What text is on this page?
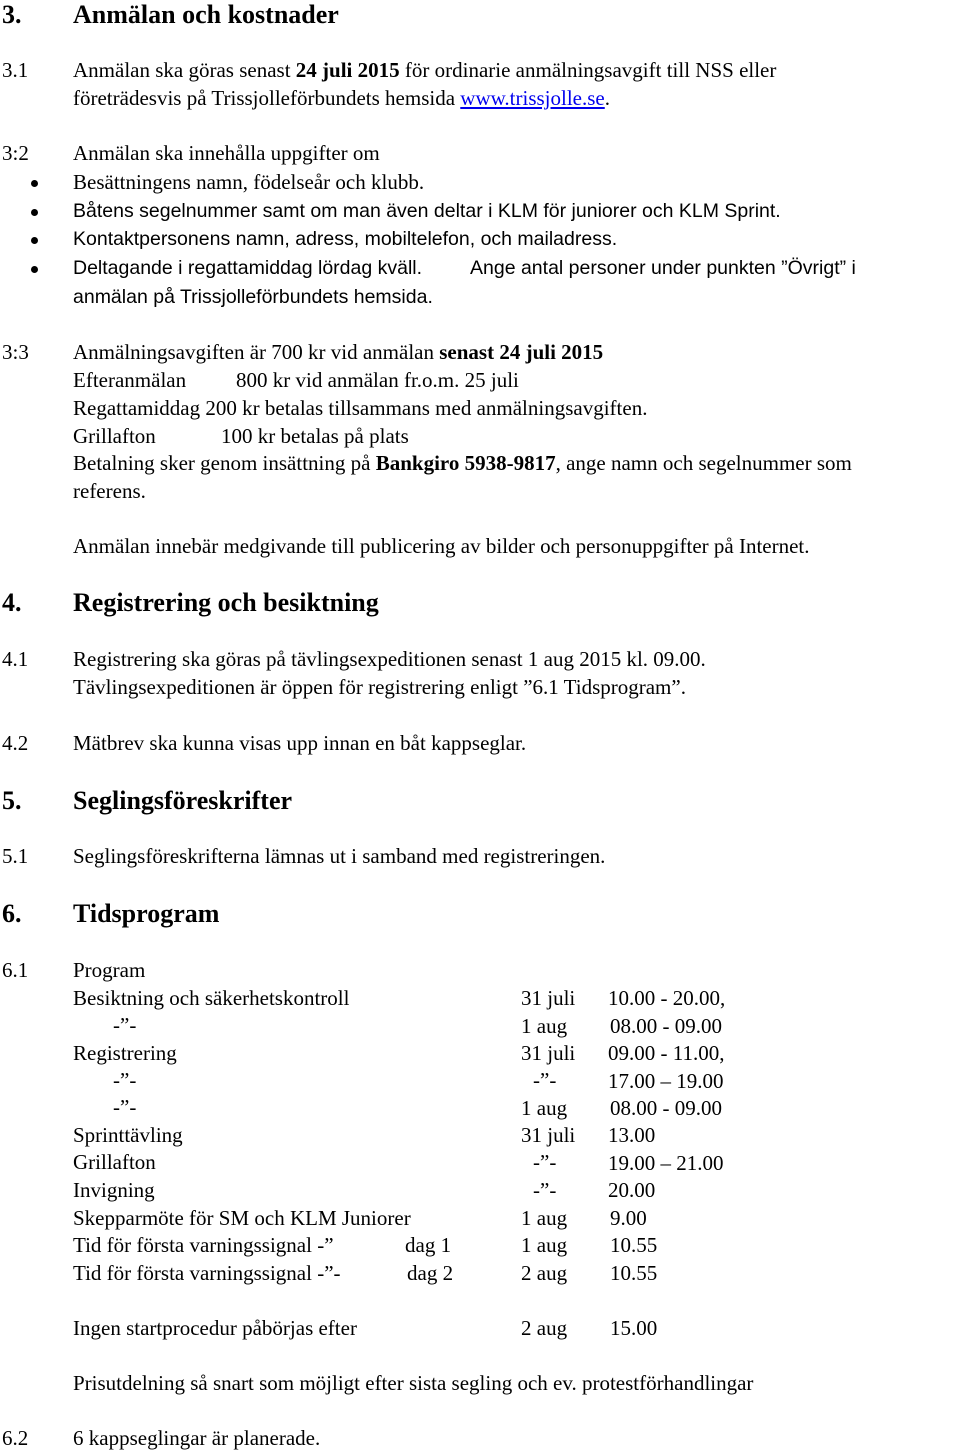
3. Anmälan och kostnader
3.1 Anmälan ska göras senast 24 juli 2015 för ordinarie anmälningsavgift till NSS eller
företrädesvis på Trissjolleförbundets hemsida www.trissjolle.se.
3:2 Anmälan ska innehålla uppgifter om
Besättningens namn, födelseår och klubb.
Båtens segelnummer samt om man även deltar i KLM för juniorer och KLM Sprint.
Kontaktpersonens namn, adress, mobiltelefon, och mailadress.
Deltagande i regattamiddag lördag kväll. Ange antal personer under punkten ”Övrigt” i
anmälan på Trissjolleförbundets hemsida.
3:3 Anmälningsavgiften är 700 kr vid anmälan senast 24 juli 2015
Efteranmälan 800 kr vid anmälan fr.o.m. 25 juli
Regattamiddag 200 kr betalas tillsammans med anmälningsavgiften.
Grillafton	100 kr betalas på plats
Betalning sker genom insättning på Bankgiro 5938-9817, ange namn och segelnummer som
referens.
Anmälan innebär medgivande till publicering av bilder och personuppgifter på Internet.
4. Registrering och besiktning
4.1 Registrering ska göras på tävlingsexpeditionen senast 1 aug 2015 kl. 09.00.
Tävlingsexpeditionen är öppen för registrering enligt ”6.1 Tidsprogram”.
4.2 Mätbrev ska kunna visas upp innan en båt kappseglar.
5. Seglingsföreskrifter
5.1 Seglingsföreskrifterna lämnas ut i samband med registreringen.
6. Tidsprogram
6.1 Program
Besiktning och säkerhetskontroll	31 juli 10.00 - 20.00,
-”-	1 aug 08.00 - 09.00
Registrering	31 juli 09.00 - 11.00,
-”-	-”- 17.00 – 19.00
-”-	1 aug 08.00 - 09.00
Sprinttävling	31 juli 13.00
Grillafton	-”- 19.00 – 21.00
Invigning	-”- 20.00
Skepparmöte för SM och KLM Juniorer	1 aug 9.00
Tid för första varningssignal -”	dag 1	1 aug 10.55
Tid för första varningssignal -”-	dag 2	2 aug 10.55
Ingen startprocedur påbörjas efter	2 aug 15.00
Prisutdelning så snart som möjligt efter sista segling och ev. protestförhandlingar
6.2 6 kappseglingar är planerade.
